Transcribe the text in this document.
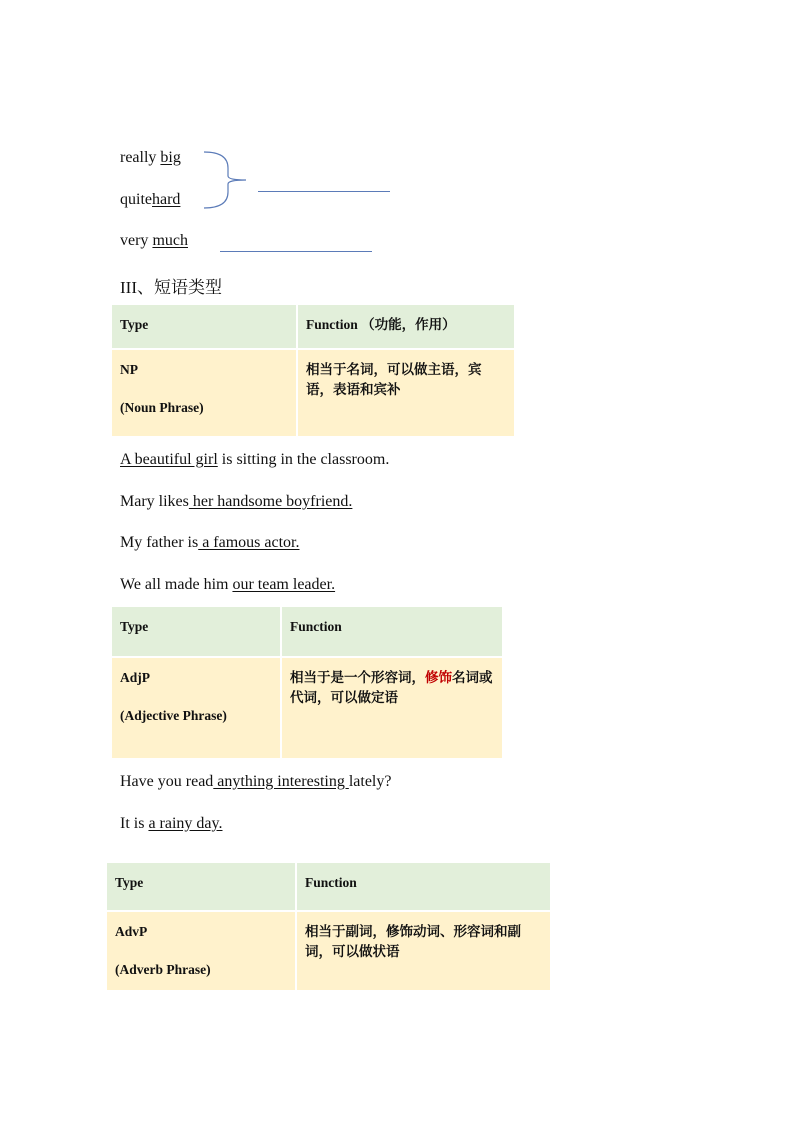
really big
quitehard
very much
III、短语类型
Type	Function （功能，作用）
NP
(Noun Phrase)	相当于名词，可以做主语，宾语，表语和宾补
A beautiful girl is sitting in the classroom.
Mary likes her handsome boyfriend.
My father is a famous actor.
We all made him our team leader.
Type	Function
AdjP
(Adjective Phrase)	相当于是一个形容词，修饰名词或代词，可以做定语
Have you read anything interesting lately?
It is a rainy day.
Type	Function
AdvP
(Adverb Phrase)	相当于副词，修饰动词、形容词和副词，可以做状语
